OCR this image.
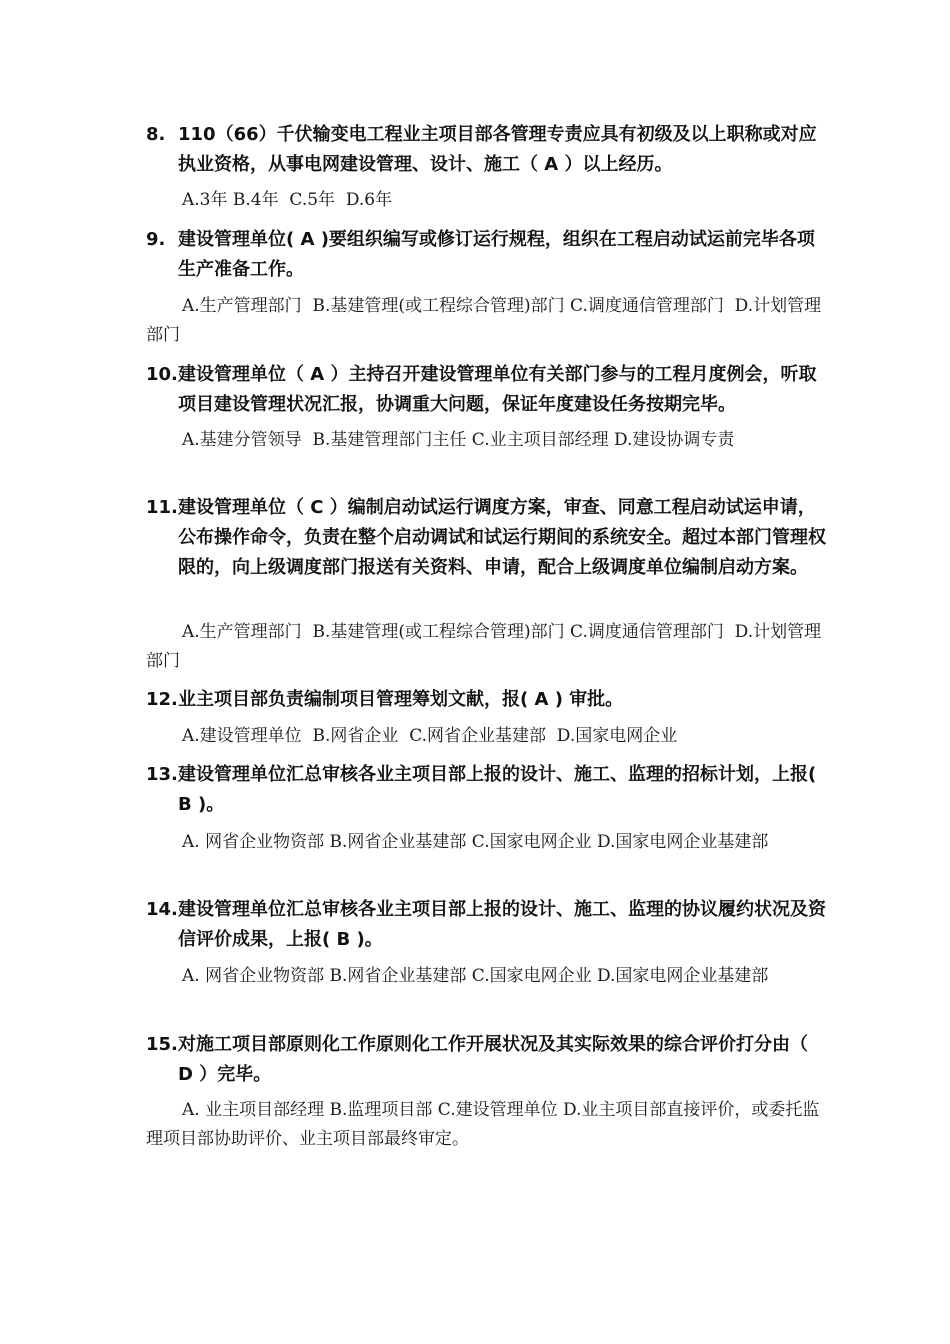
8. 110（66）千伏输变电工程业主项目部各管理专责应具有初级及以上职称或对应执业资格，从事电网建设管理、设计、施工（ A ）以上经历。
A.3年 B.4年  C.5年  D.6年
9. 建设管理单位( A )要组织编写或修订运行规程，组织在工程启动试运前完毕各项生产准备工作。
A.生产管理部门  B.基建管理(或工程综合管理)部门 C.调度通信管理部门  D.计划管理部门
10. 建设管理单位（ A ）主持召开建设管理单位有关部门参与的工程月度例会，听取项目建设管理状况汇报，协调重大问题，保证年度建设任务按期完毕。
A.基建分管领导  B.基建管理部门主任 C.业主项目部经理 D.建设协调专责
11. 建设管理单位（ C ）编制启动试运行调度方案，审查、同意工程启动试运申请，公布操作命令，负责在整个启动调试和试运行期间的系统安全。超过本部门管理权限的，向上级调度部门报送有关资料、申请，配合上级调度单位编制启动方案。
A.生产管理部门  B.基建管理(或工程综合管理)部门 C.调度通信管理部门  D.计划管理部门
12. 业主项目部负责编制项目管理筹划文献，报( A ) 审批。
A.建设管理单位  B.网省企业  C.网省企业基建部  D.国家电网企业
13. 建设管理单位汇总审核各业主项目部上报的设计、施工、监理的招标计划，上报( B )。
A. 网省企业物资部 B.网省企业基建部 C.国家电网企业 D.国家电网企业基建部
14. 建设管理单位汇总审核各业主项目部上报的设计、施工、监理的协议履约状况及资信评价成果，上报( B )。
A. 网省企业物资部 B.网省企业基建部 C.国家电网企业 D.国家电网企业基建部
15. 对施工项目部原则化工作原则化工作开展状况及其实际效果的综合评价打分由（ D ）完毕。
A. 业主项目部经理 B.监理项目部 C.建设管理单位 D.业主项目部直接评价，或委托监理项目部协助评价、业主项目部最终审定。
